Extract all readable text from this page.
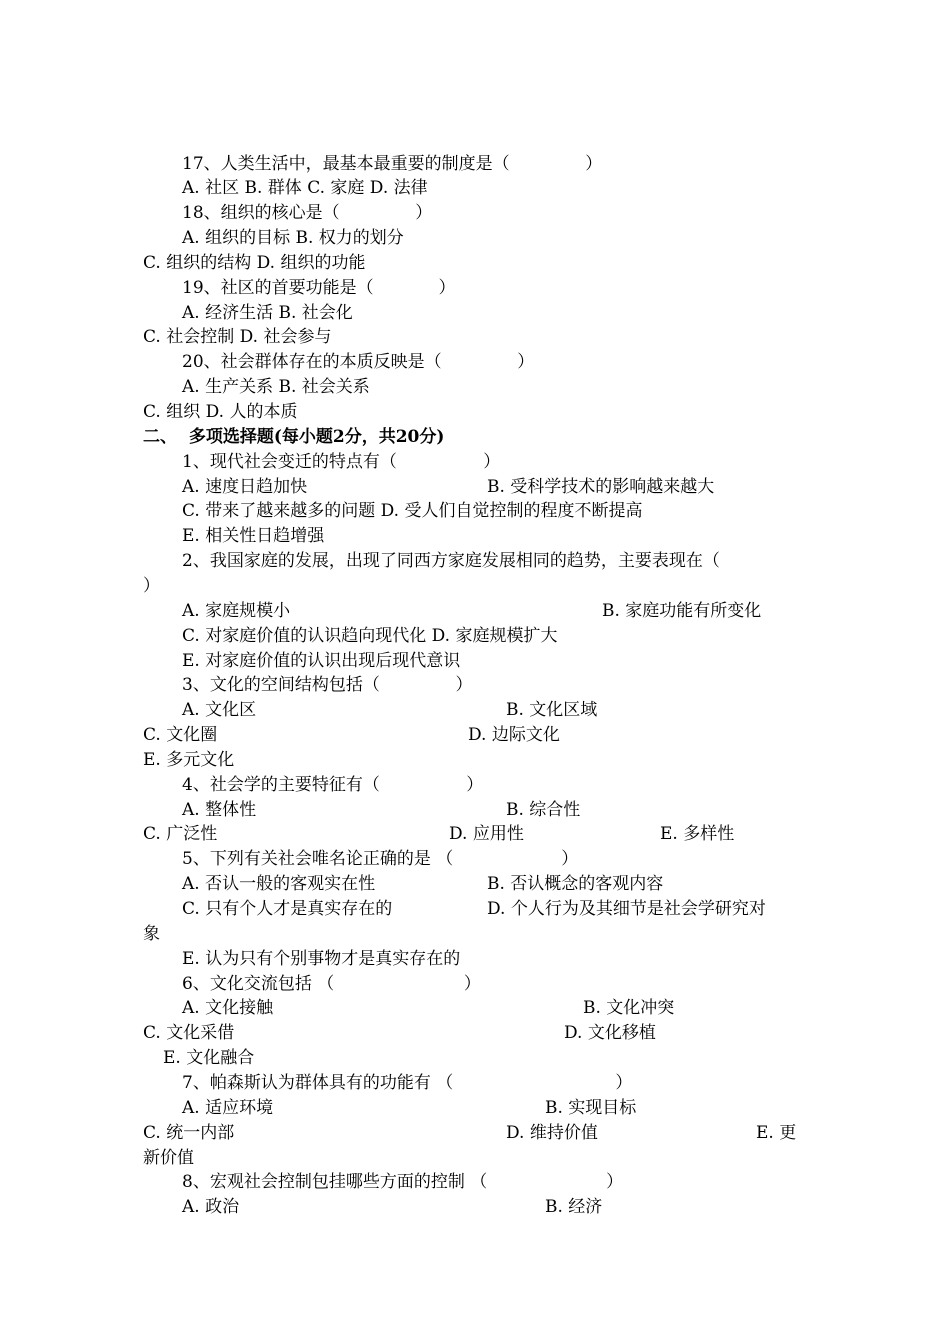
17、人类生活中，最基本最重要的制度是（              ）
A. 社区 B. 群体 C. 家庭 D. 法律
18、组织的核心是（              ）
A. 组织的目标 B. 权力的划分
C. 组织的结构 D. 组织的功能
19、社区的首要功能是（            ）
A. 经济生活 B. 社会化
C. 社会控制 D. 社会参与
20、社会群体存在的本质反映是（              ）
A. 生产关系 B. 社会关系
C. 组织 D. 人的本质
二、  多项选择题(每小题2分，共20分)
1、现代社会变迁的特点有（                ）
A. 速度日趋加快	B. 受科学技术的影响越来越大
C. 带来了越来越多的问题 D. 受人们自觉控制的程度不断提高
E. 相关性日趋增强
2、我国家庭的发展，出现了同西方家庭发展相同的趋势，主要表现在（
）
A. 家庭规模小	B. 家庭功能有所变化
C. 对家庭价值的认识趋向现代化 D. 家庭规模扩大
E. 对家庭价值的认识出现后现代意识
3、文化的空间结构包括（              ）
A. 文化区	B. 文化区域
C. 文化圈	D. 边际文化
E. 多元文化
4、社会学的主要特征有（                ）
A. 整体性	B. 综合性
C. 广泛性	D. 应用性	E. 多样性
5、下列有关社会唯名论正确的是 （                    ）
A. 否认一般的客观实在性	B. 否认概念的客观内容
C. 只有个人才是真实存在的	D. 个人行为及其细节是社会学研究对
象
E. 认为只有个别事物才是真实存在的
6、文化交流包括 （                        ）
A. 文化接触	B. 文化冲突
C. 文化采借	D. 文化移植
E. 文化融合
7、帕森斯认为群体具有的功能有 （                              ）
A. 适应环境	B. 实现目标
C. 统一内部	D. 维持价值	E. 更
新价值
8、宏观社会控制包挂哪些方面的控制 （                      ）
A. 政治	B. 经济
